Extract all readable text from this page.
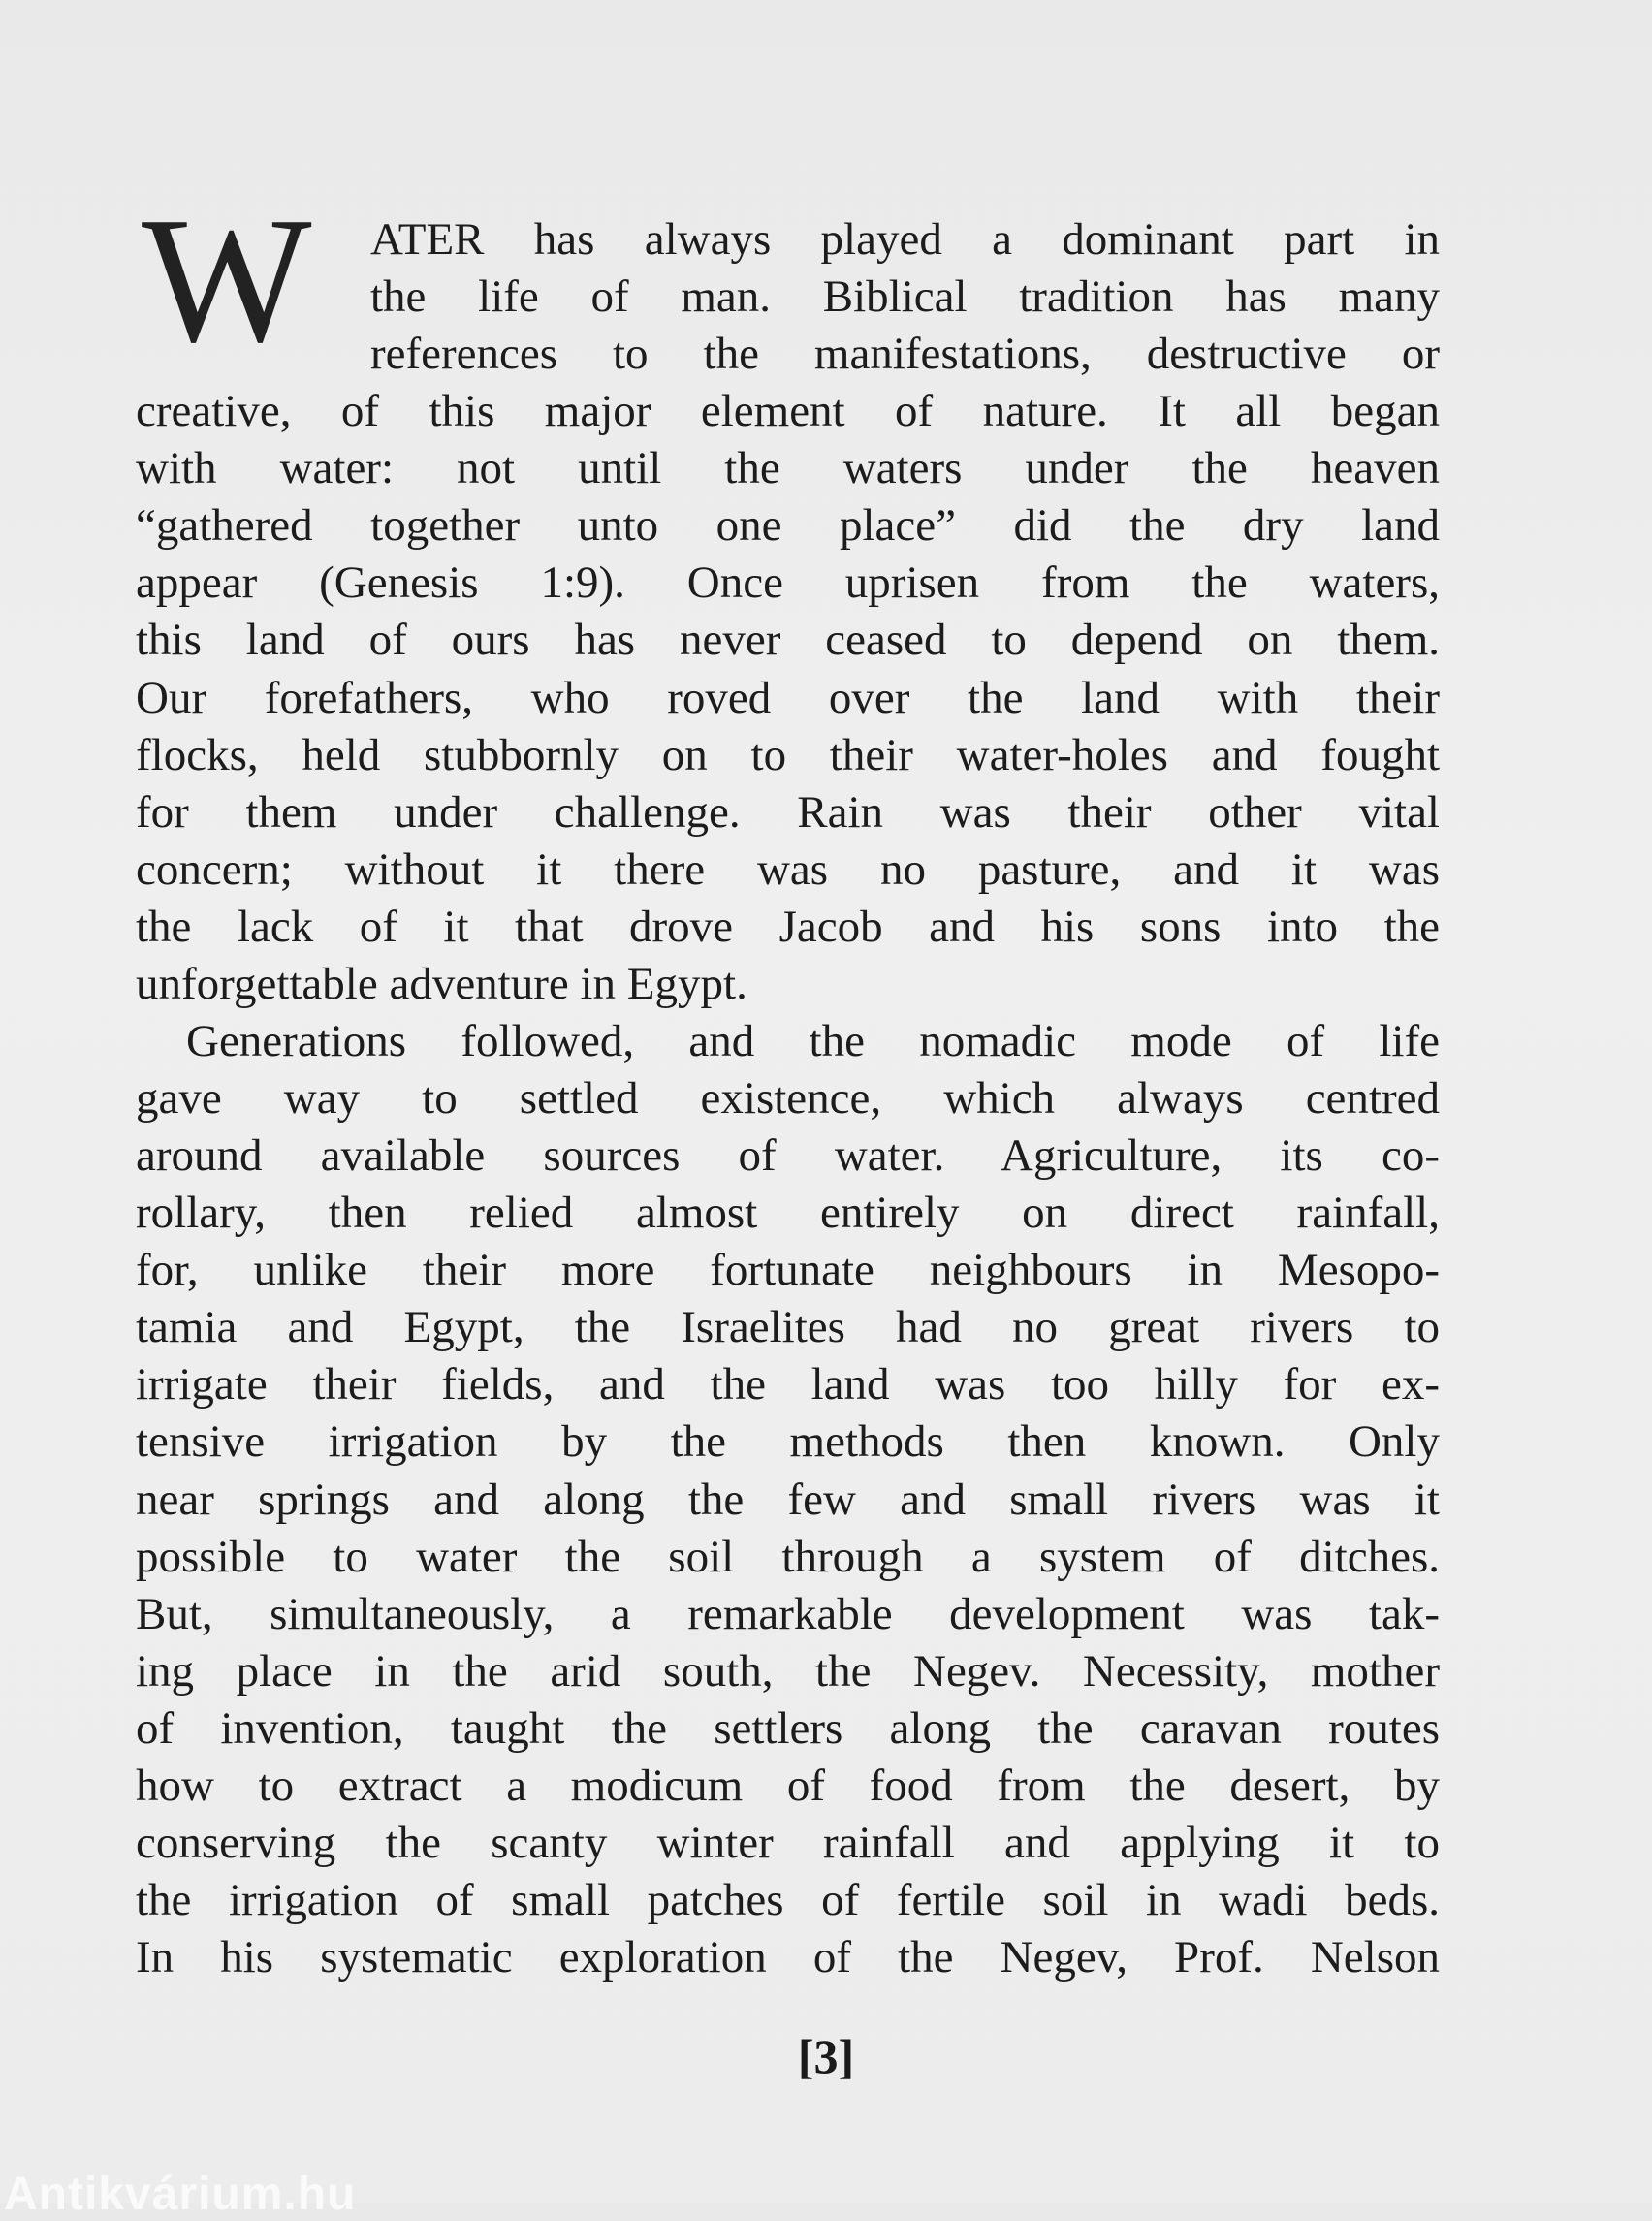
W ATER has always played a dominant part in
the life of man. Biblical tradition has many
references to the manifestations, destructive or
creative, of this major element of nature. It all began
with water: not until the waters under the heaven
“gathered together unto one place” did the dry land
appear (Genesis 1:9). Once uprisen from the waters,
this land of ours has never ceased to depend on them.
Our forefathers, who roved over the land with their
flocks, held stubbornly on to their water-holes and fought
for them under challenge. Rain was their other vital
concern; without it there was no pasture, and it was
the lack of it that drove Jacob and his sons into the
unforgettable adventure in Egypt.
Generations followed, and the nomadic mode of life
gave way to settled existence, which always centred
around available sources of water. Agriculture, its co-
rollary, then relied almost entirely on direct rainfall,
for, unlike their more fortunate neighbours in Mesopo-
tamia and Egypt, the Israelites had no great rivers to
irrigate their fields, and the land was too hilly for ex-
tensive irrigation by the methods then known. Only
near springs and along the few and small rivers was it
possible to water the soil through a system of ditches.
But, simultaneously, a remarkable development was tak-
ing place in the arid south, the Negev. Necessity, mother
of invention, taught the settlers along the caravan routes
how to extract a modicum of food from the desert, by
conserving the scanty winter rainfall and applying it to
the irrigation of small patches of fertile soil in wadi beds.
In his systematic exploration of the Negev, Prof. Nelson
[3]
Antikvárium.hu
